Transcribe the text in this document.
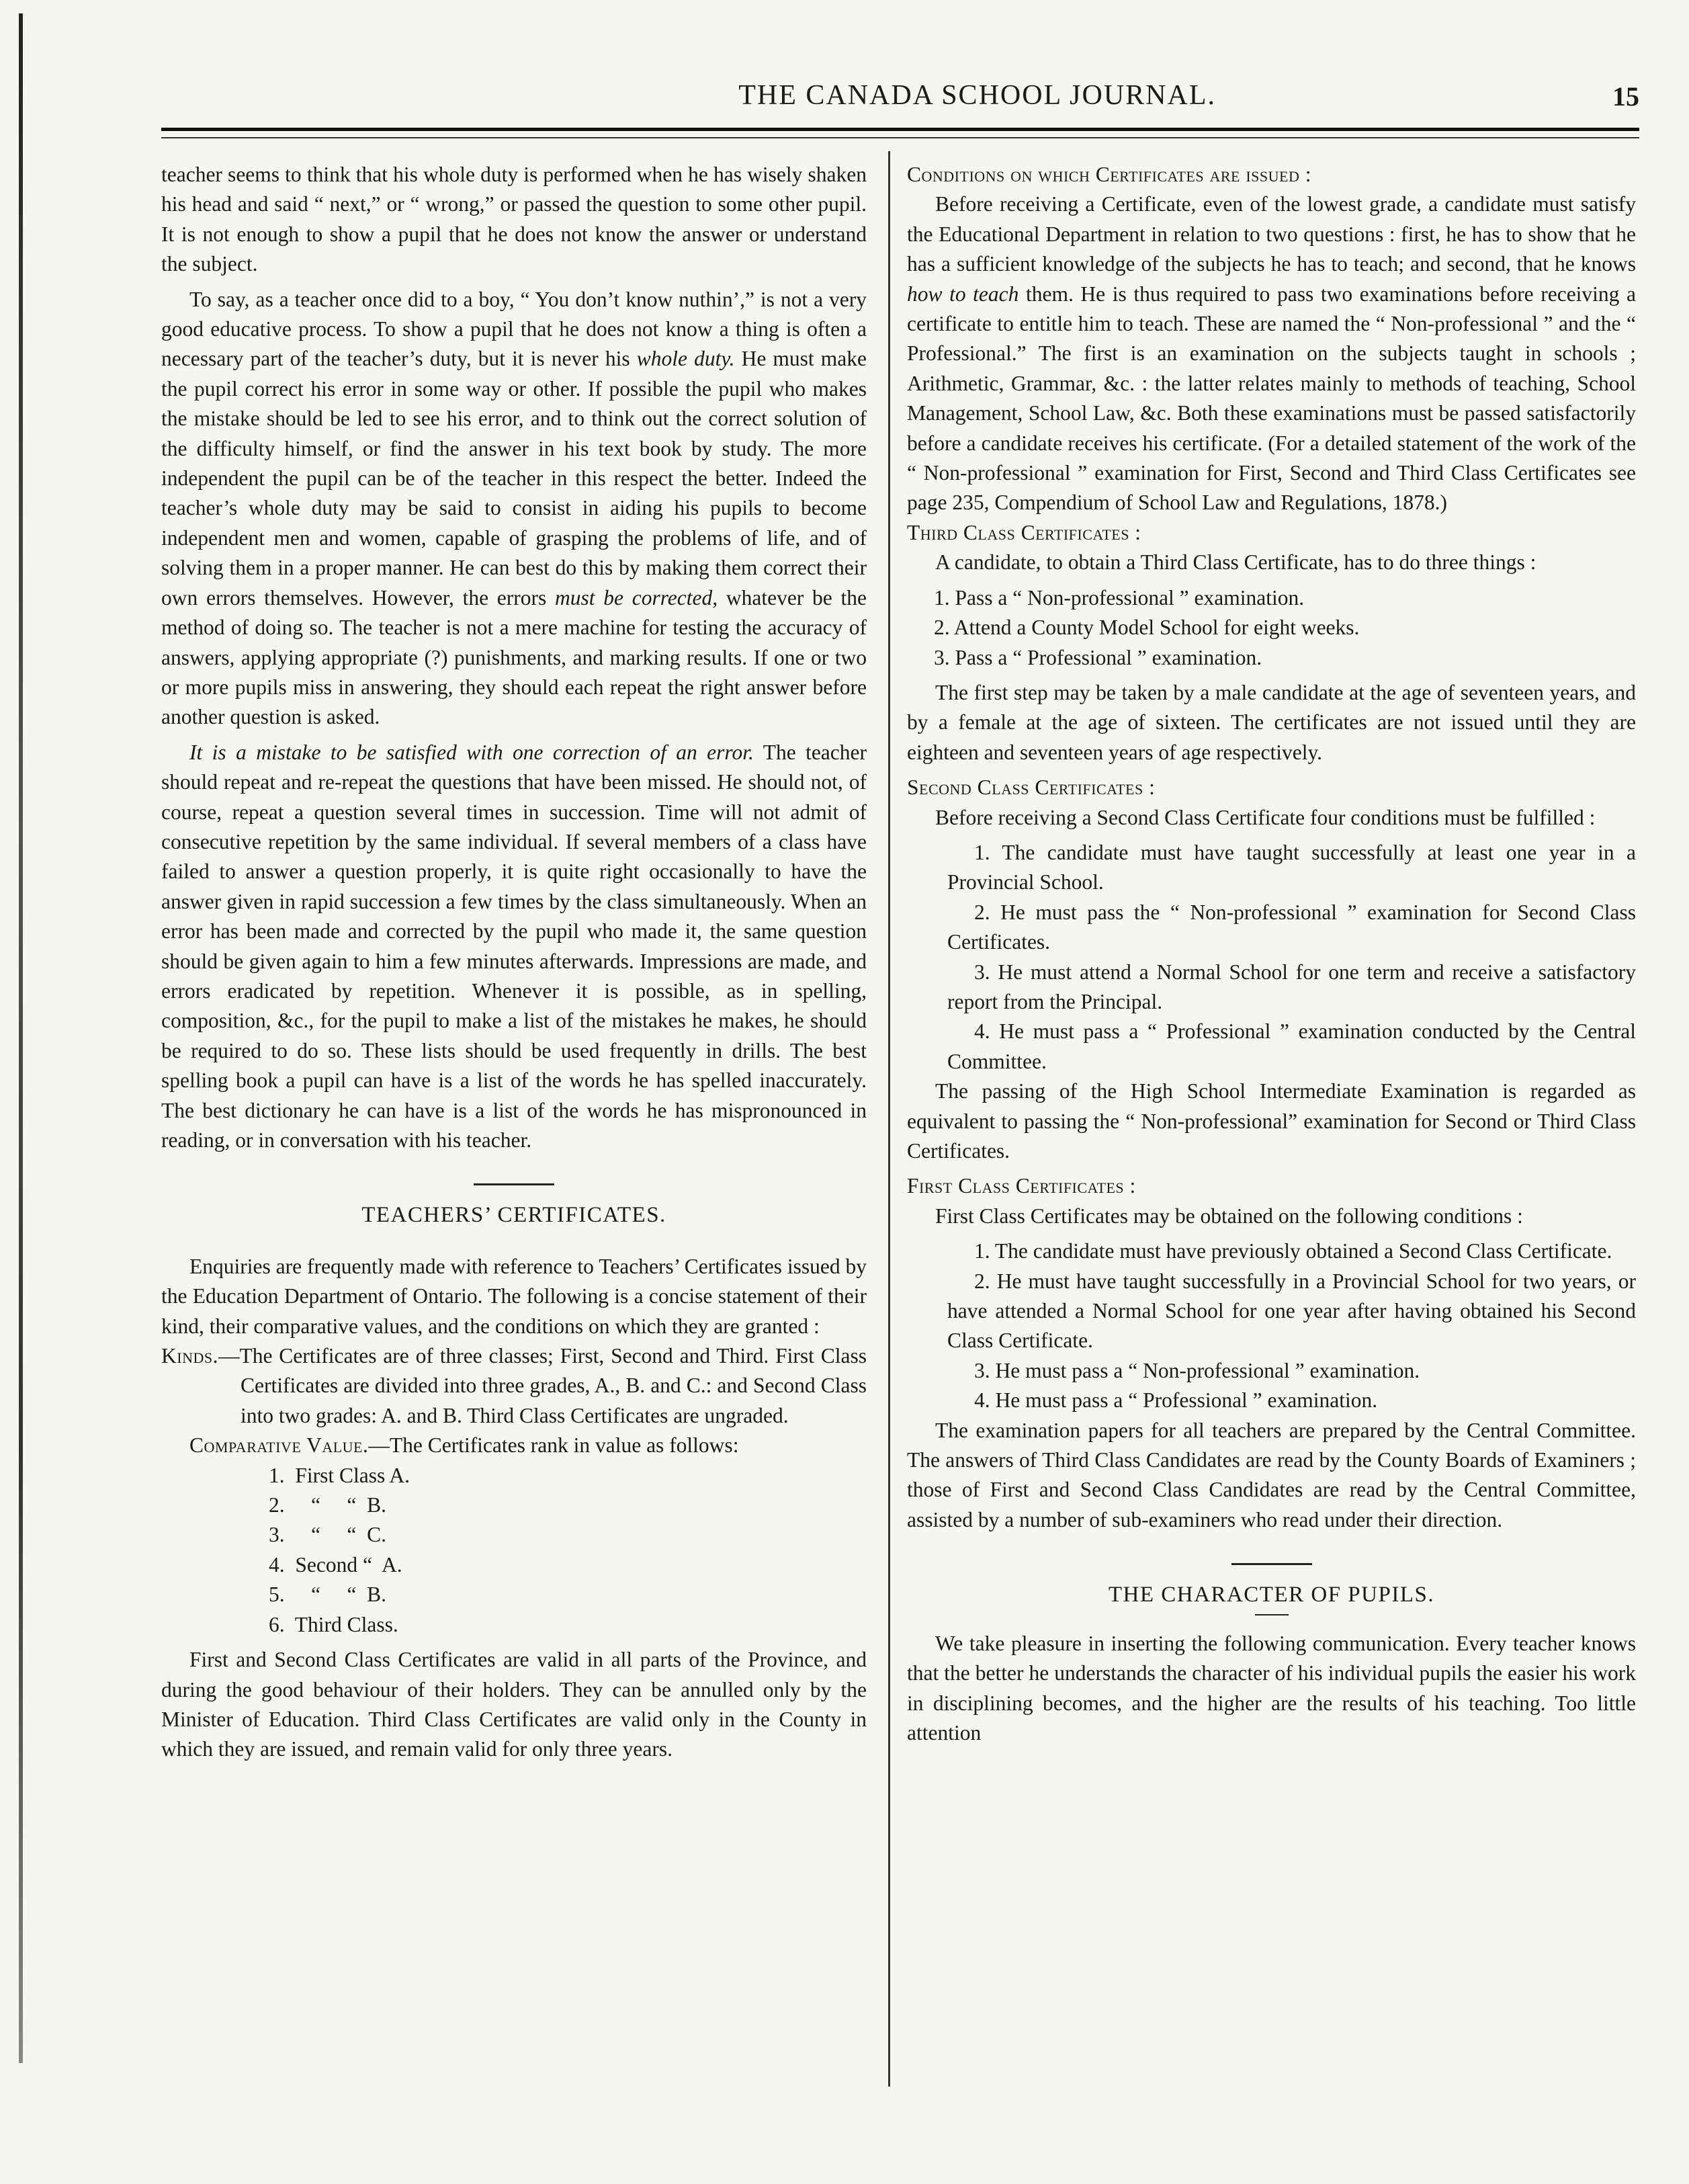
THE CANADA SCHOOL JOURNAL.	15

teacher seems to think that his whole duty is performed when he has wisely shaken his head and said “ next,” or “ wrong,” or passed the question to some other pupil. It is not enough to show a pupil that he does not know the answer or understand the subject.

To say, as a teacher once did to a boy, “ You don’t know nuthin’,” is not a very good educative process. To show a pupil that he does not know a thing is often a necessary part of the teacher’s duty, but it is never his whole duty. He must make the pupil correct his error in some way or other. If possible the pupil who makes the mistake should be led to see his error, and to think out the correct solution of the difficulty himself, or find the answer in his text book by study. The more independent the pupil can be of the teacher in this respect the better. Indeed the teacher’s whole duty may be said to consist in aiding his pupils to become independent men and women, capable of grasping the problems of life, and of solving them in a proper manner. He can best do this by making them correct their own errors themselves. However, the errors must be corrected, whatever be the method of doing so. The teacher is not a mere machine for testing the accuracy of answers, applying appropriate (?) punishments, and marking results. If one or two or more pupils miss in answering, they should each repeat the right answer before another question is asked.

It is a mistake to be satisfied with one correction of an error. The teacher should repeat and re-repeat the questions that have been missed. He should not, of course, repeat a question several times in succession. Time will not admit of consecutive repetition by the same individual. If several members of a class have failed to answer a question properly, it is quite right occasionally to have the answer given in rapid succession a few times by the class simultaneously. When an error has been made and corrected by the pupil who made it, the same question should be given again to him a few minutes afterwards. Impressions are made, and errors eradicated by repetition. Whenever it is possible, as in spelling, composition, &c., for the pupil to make a list of the mistakes he makes, he should be required to do so. These lists should be used frequently in drills. The best spelling book a pupil can have is a list of the words he has spelled inaccurately. The best dictionary he can have is a list of the words he has mispronounced in reading, or in conversation with his teacher.

TEACHERS’ CERTIFICATES.

Enquiries are frequently made with reference to Teachers’ Certificates issued by the Education Department of Ontario. The following is a concise statement of their kind, their comparative values, and the conditions on which they are granted :

Kinds.—The Certificates are of three classes; First, Second and Third. First Class Certificates are divided into three grades, A., B. and C.: and Second Class into two grades: A. and B. Third Class Certificates are ungraded.

Comparative Value.—The Certificates rank in value as follows:

1.  First Class A.
2.     “     “  B.
3.     “     “  C.
4.  Second “  A.
5.     “     “  B.
6.  Third Class.

First and Second Class Certificates are valid in all parts of the Province, and during the good behaviour of their holders. They can be annulled only by the Minister of Education. Third Class Certificates are valid only in the County in which they are issued, and remain valid for only three years.

Conditions on which Certificates are issued :

Before receiving a Certificate, even of the lowest grade, a candidate must satisfy the Educational Department in relation to two questions : first, he has to show that he has a sufficient knowledge of the subjects he has to teach; and second, that he knows how to teach them. He is thus required to pass two examinations before receiving a certificate to entitle him to teach. These are named the “ Non-professional ” and the “ Professional.” The first is an examination on the subjects taught in schools ; Arithmetic, Grammar, &c. : the latter relates mainly to methods of teaching, School Management, School Law, &c. Both these examinations must be passed satisfactorily before a candidate receives his certificate. (For a detailed statement of the work of the “ Non-professional ” examination for First, Second and Third Class Certificates see page 235, Compendium of School Law and Regulations, 1878.)

Third Class Certificates :

A candidate, to obtain a Third Class Certificate, has to do three things :

1. Pass a “ Non-professional ” examination.

2. Attend a County Model School for eight weeks.

3. Pass a “ Professional ” examination.

The first step may be taken by a male candidate at the age of seventeen years, and by a female at the age of sixteen. The certificates are not issued until they are eighteen and seventeen years of age respectively.

Second Class Certificates :

Before receiving a Second Class Certificate four conditions must be fulfilled :

1. The candidate must have taught successfully at least one year in a Provincial School.

2. He must pass the “ Non-professional ” examination for Second Class Certificates.

3. He must attend a Normal School for one term and receive a satisfactory report from the Principal.

4. He must pass a “ Professional ” examination conducted by the Central Committee.

The passing of the High School Intermediate Examination is regarded as equivalent to passing the “ Non-professional” examination for Second or Third Class Certificates.

First Class Certificates :

First Class Certificates may be obtained on the following conditions :

1. The candidate must have previously obtained a Second Class Certificate.

2. He must have taught successfully in a Provincial School for two years, or have attended a Normal School for one year after having obtained his Second Class Certificate.

3. He must pass a “ Non-professional ” examination.

4. He must pass a “ Professional ” examination.

The examination papers for all teachers are prepared by the Central Committee. The answers of Third Class Candidates are read by the County Boards of Examiners ; those of First and Second Class Candidates are read by the Central Committee, assisted by a number of sub-examiners who read under their direction.

THE CHARACTER OF PUPILS.

We take pleasure in inserting the following communication. Every teacher knows that the better he understands the character of his individual pupils the easier his work in disciplining becomes, and the higher are the results of his teaching. Too little attention
